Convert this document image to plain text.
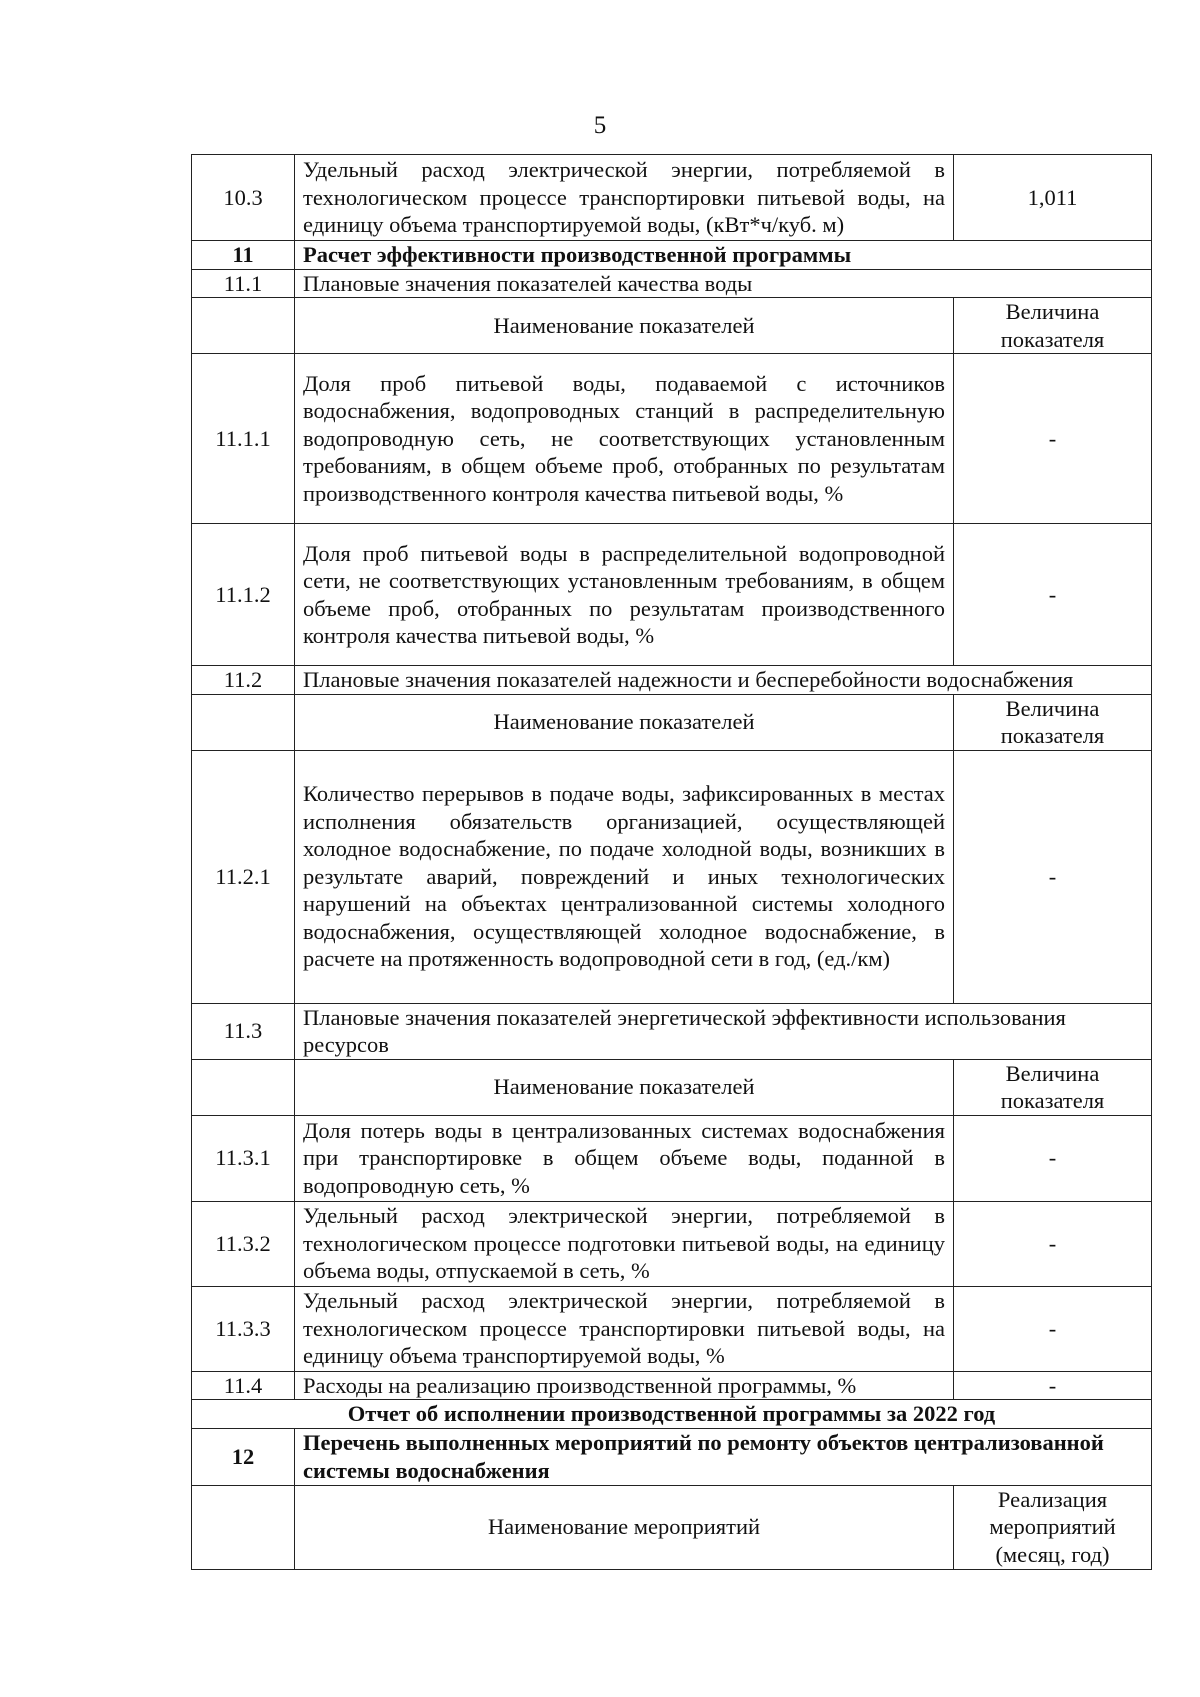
5
10.3	Удельный расход электрической энергии, потребляемой в технологическом процессе транспортировки питьевой воды, на единицу объема транспортируемой воды, (кВт*ч/куб. м)	1,011
11	Расчет эффективности производственной программы	
11.1	Плановые значения показателей качества воды	
	Наименование показателей	Величина показателя
11.1.1	Доля проб питьевой воды, подаваемой с источников водоснабжения, водопроводных станций в распределительную водопроводную сеть, не соответствующих установленным требованиям, в общем объеме проб, отобранных по результатам производственного контроля качества питьевой воды, %	-
11.1.2	Доля проб питьевой воды в распределительной водопроводной сети, не соответствующих установленным требованиям, в общем объеме проб, отобранных по результатам производственного контроля качества питьевой воды, %	-
11.2	Плановые значения показателей надежности и бесперебойности водоснабжения	
	Наименование показателей	Величина показателя
11.2.1	Количество перерывов в подаче воды, зафиксированных в местах исполнения обязательств организацией, осуществляющей холодное водоснабжение, по подаче холодной воды, возникших в результате аварий, повреждений и иных технологических нарушений на объектах централизованной системы холодного водоснабжения, осуществляющей холодное водоснабжение, в расчете на протяженность водопроводной сети в год, (ед./км)	-
11.3	Плановые значения показателей энергетической эффективности использования ресурсов	
	Наименование показателей	Величина показателя
11.3.1	Доля потерь воды в централизованных системах водоснабжения при транспортировке в общем объеме воды, поданной в водопроводную сеть, %	-
11.3.2	Удельный расход электрической энергии, потребляемой в технологическом процессе подготовки питьевой воды, на единицу объема воды, отпускаемой в сеть, %	-
11.3.3	Удельный расход электрической энергии, потребляемой в технологическом процессе транспортировки питьевой воды, на единицу объема транспортируемой воды, %	-
11.4	Расходы на реализацию производственной программы, %	-
Отчет об исполнении производственной программы за 2022 год		
12	Перечень выполненных мероприятий по ремонту объектов централизованной системы водоснабжения	
	Наименование мероприятий	Реализация мероприятий (месяц, год)
